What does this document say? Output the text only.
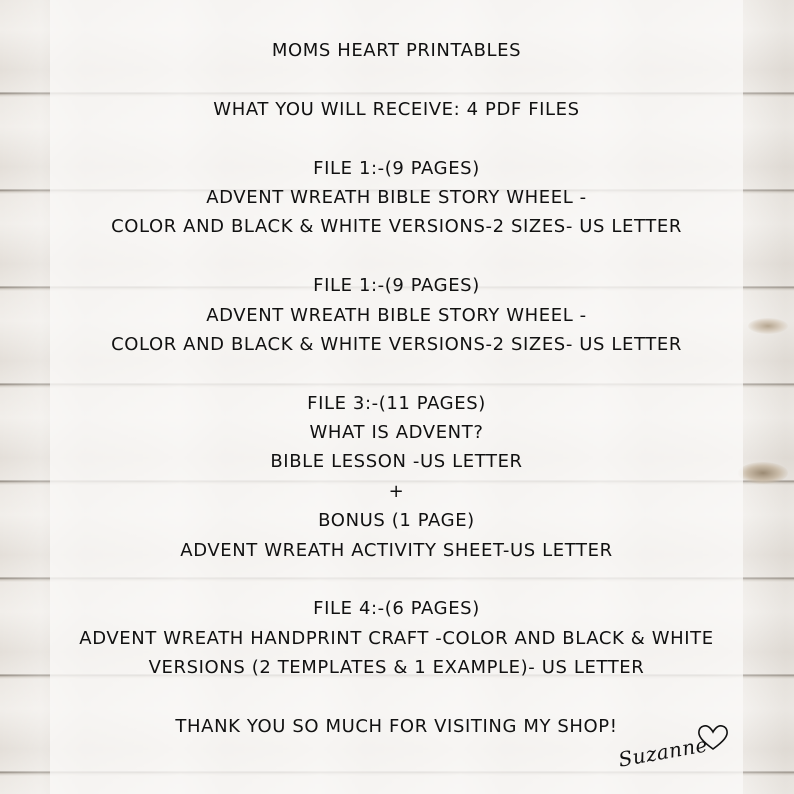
MOMS HEART PRINTABLES
WHAT YOU WILL RECEIVE: 4 PDF FILES
FILE 1:-(9 PAGES)
ADVENT WREATH BIBLE STORY WHEEL -
COLOR AND BLACK & WHITE VERSIONS-2 SIZES- US LETTER
FILE 1:-(9 PAGES)
ADVENT WREATH BIBLE STORY WHEEL -
COLOR AND BLACK & WHITE VERSIONS-2 SIZES- US LETTER
FILE 3:-(11 PAGES)
WHAT IS ADVENT?
BIBLE LESSON -US LETTER
+
BONUS (1 PAGE)
ADVENT WREATH ACTIVITY SHEET-US LETTER
FILE 4:-(6 PAGES)
ADVENT WREATH HANDPRINT CRAFT -COLOR AND BLACK & WHITE
VERSIONS (2 TEMPLATES & 1 EXAMPLE)- US LETTER
THANK YOU SO MUCH FOR VISITING MY SHOP!
Suzanne
